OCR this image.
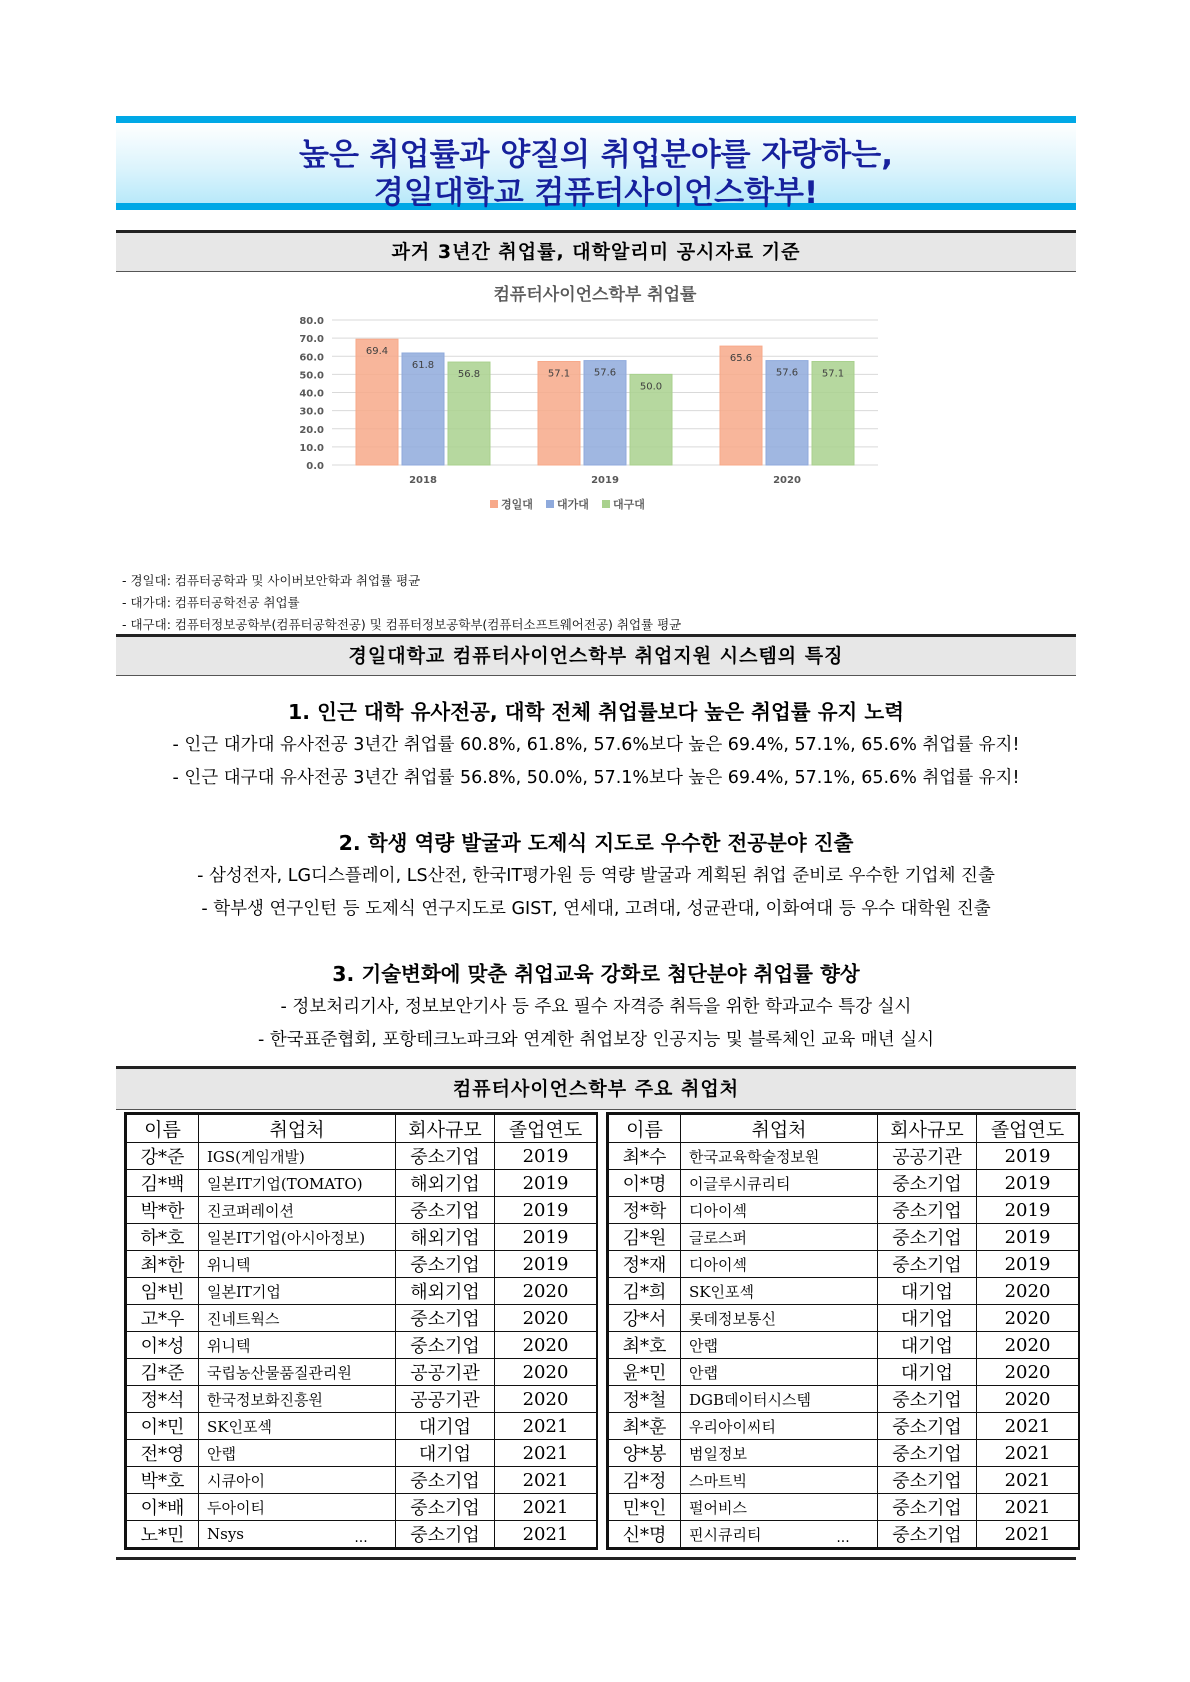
높은 취업률과 양질의 취업분야를 자랑하는,
경일대학교 컴퓨터사이언스학부!
과거 3년간 취업률, 대학알리미 공시자료 기준
컴퓨터사이언스학부 취업률
0.0
10.0
20.0
30.0
40.0
50.0
60.0
70.0
80.0
69.4
61.8
56.8
2018
57.1 57.6
50.0
2019
65.6
57.6 57.1
2020
경일대 대가대 대구대
- 경일대: 컴퓨터공학과 및 사이버보안학과 취업률 평균
- 대가대: 컴퓨터공학전공 취업률
- 대구대: 컴퓨터정보공학부(컴퓨터공학전공) 및 컴퓨터정보공학부(컴퓨터소프트웨어전공) 취업률 평균
경일대학교 컴퓨터사이언스학부 취업지원 시스템의 특징
1. 인근 대학 유사전공, 대학 전체 취업률보다 높은 취업률 유지 노력
- 인근 대가대 유사전공 3년간 취업률 60.8%, 61.8%, 57.6%보다 높은 69.4%, 57.1%, 65.6% 취업률 유지!
- 인근 대구대 유사전공 3년간 취업률 56.8%, 50.0%, 57.1%보다 높은 69.4%, 57.1%, 65.6% 취업률 유지!
2. 학생 역량 발굴과 도제식 지도로 우수한 전공분야 진출
- 삼성전자, LG디스플레이, LS산전, 한국IT평가원 등 역량 발굴과 계획된 취업 준비로 우수한 기업체 진출
- 학부생 연구인턴 등 도제식 연구지도로 GIST, 연세대, 고려대, 성균관대, 이화여대 등 우수 대학원 진출
3. 기술변화에 맞춘 취업교육 강화로 첨단분야 취업률 향상
- 정보처리기사, 정보보안기사 등 주요 필수 자격증 취득을 위한 학과교수 특강 실시
- 한국표준협회, 포항테크노파크와 연계한 취업보장 인공지능 및 블록체인 교육 매년 실시
컴퓨터사이언스학부 주요 취업처
이름	취업처	회사규모	졸업연도
강*준	IGS(게임개발)	중소기업	2019
김*백	일본IT기업(TOMATO)	해외기업	2019
박*한	진코퍼레이션	중소기업	2019
하*호	일본IT기업(아시아정보)	해외기업	2019
최*한	위니텍	중소기업	2019
임*빈	일본IT기업	해외기업	2020
고*우	진네트웍스	중소기업	2020
이*성	위니텍	중소기업	2020
김*준	국립농산물품질관리원	공공기관	2020
정*석	한국정보화진흥원	공공기관	2020
이*민	SK인포섹	대기업	2021
전*영	안랩	대기업	2021
박*호	시큐아이	중소기업	2021
이*배	두아이티	중소기업	2021
노*민	Nsys	중소기업	2021
...
이름	취업처	회사규모	졸업연도
최*수	한국교육학술정보원	공공기관	2019
이*명	이글루시큐리티	중소기업	2019
정*학	디아이섹	중소기업	2019
김*원	글로스퍼	중소기업	2019
정*재	디아이섹	중소기업	2019
김*희	SK인포섹	대기업	2020
강*서	롯데정보통신	대기업	2020
최*호	안랩	대기업	2020
윤*민	안랩	대기업	2020
정*철	DGB데이터시스템	중소기업	2020
최*훈	우리아이씨티	중소기업	2021
양*봉	범일정보	중소기업	2021
김*정	스마트빅	중소기업	2021
민*인	펄어비스	중소기업	2021
신*명	핀시큐리티	중소기업	2021
...
